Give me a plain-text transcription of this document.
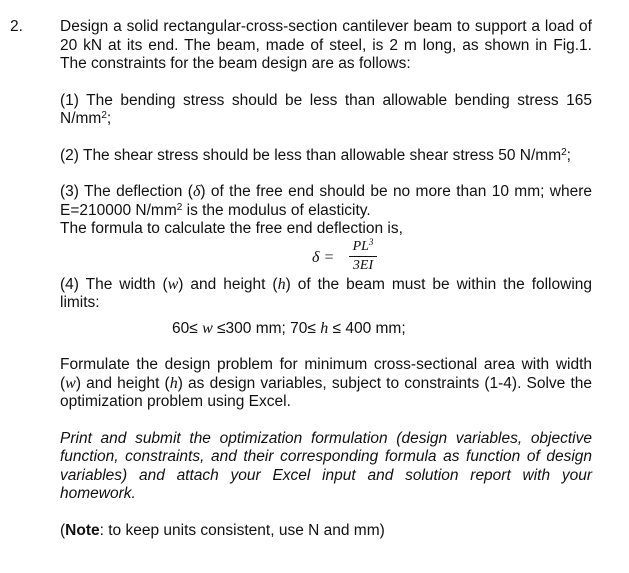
2. Design a solid rectangular-cross-section cantilever beam to support a load of 20 kN at its end. The beam, made of steel, is 2 m long, as shown in Fig.1. The constraints for the beam design are as follows:

(1) The bending stress should be less than allowable bending stress 165 $N/mm^2$;

(2) The shear stress should be less than allowable shear stress 50 $N/mm^2$;

(3) The deflection (δ) of the free end should be no more than 10 mm; where E=210000 $N/mm^2$ is the modulus of elasticity.

The formula to calculate the free end deflection is,

δ =
$PL^3$
3EI

(4) The width (w) and height (h) of the beam must be within the following limits:

60≤ w ≤300 mm; 70≤ h ≤ 400 mm;

Formulate the design problem for minimum cross-sectional area with width (w) and height (h) as design variables, subject to constraints (1-4). Solve the optimization problem using Excel.

Print and submit the optimization formulation (design variables, objective function, constraints, and their corresponding formula as function of design variables) and attach your Excel input and solution report with your homework.

(Note: to keep units consistent, use N and mm)
